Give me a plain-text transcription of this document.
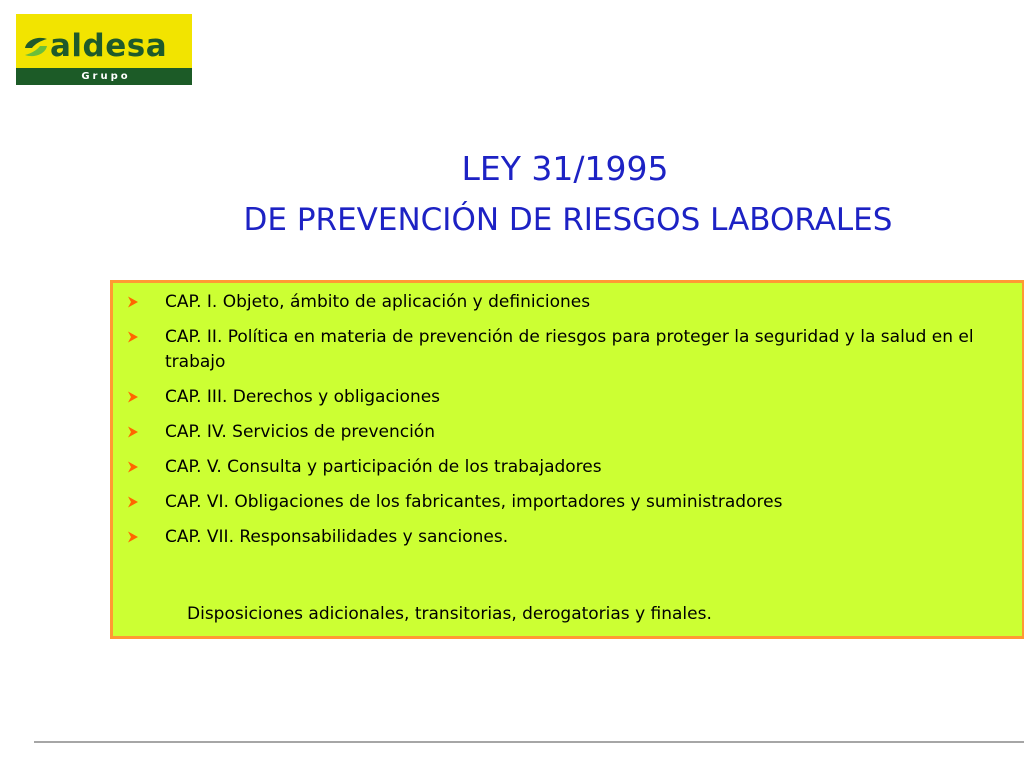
aldesa
Grupo
LEY 31/1995
DE PREVENCIÓN DE RIESGOS LABORALES
CAP. I. Objeto, ámbito de aplicación y definiciones
CAP. II. Política en materia de prevención de riesgos para proteger la seguridad y la salud en el trabajo
CAP. III. Derechos y obligaciones
CAP. IV. Servicios de prevención
CAP. V. Consulta y participación de los trabajadores
CAP. VI. Obligaciones de los fabricantes, importadores y suministradores
CAP. VII. Responsabilidades y sanciones.
Disposiciones adicionales, transitorias, derogatorias y finales.
